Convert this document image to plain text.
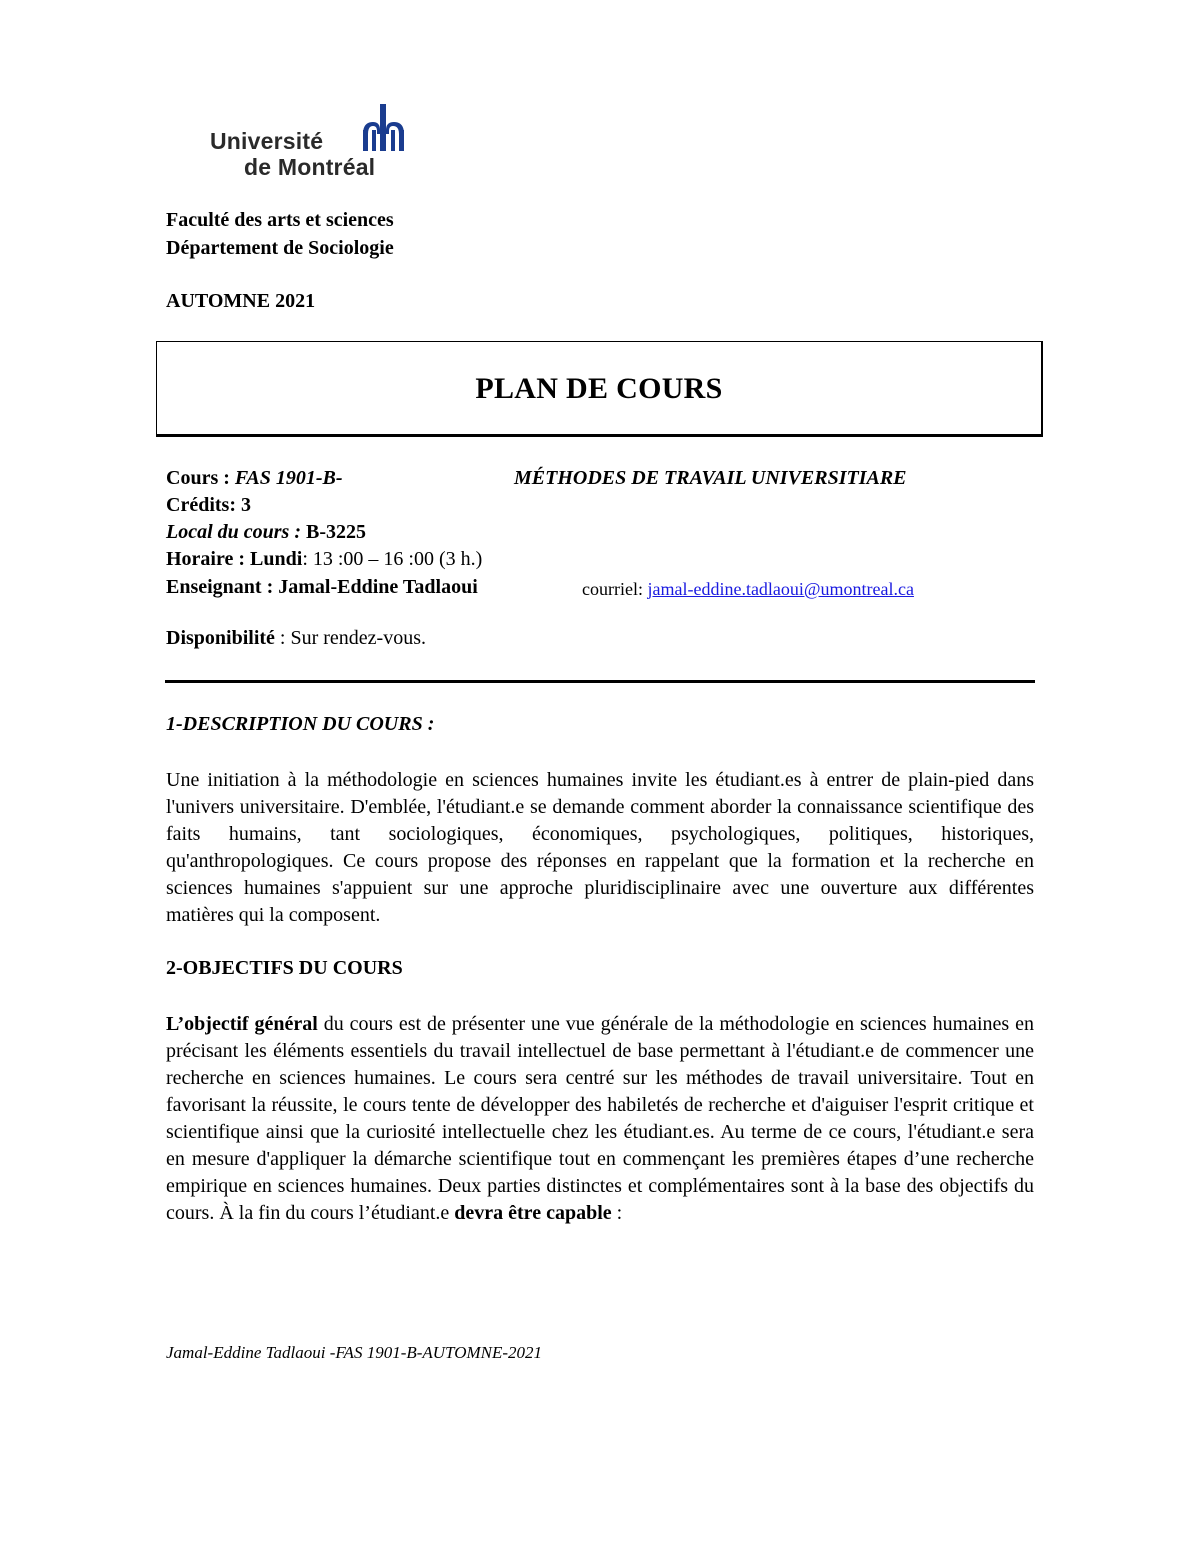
Université
de Montréal
Faculté des arts et sciences
Département de Sociologie
AUTOMNE 2021
PLAN DE COURS
Cours : FAS 1901-B-	MÉTHODES DE TRAVAIL UNIVERSITIARE
Crédits: 3
Local du cours : B-3225
Horaire : Lundi: 13 :00 – 16 :00 (3 h.)
Enseignant : Jamal-Eddine Tadlaoui	courriel: jamal-eddine.tadlaoui@umontreal.ca
Disponibilité : Sur rendez-vous.
1-DESCRIPTION DU COURS :
Une initiation à la méthodologie en sciences humaines invite les étudiant.es à entrer de plain-pied dans l'univers universitaire. D'emblée, l'étudiant.e se demande comment aborder la connaissance scientifique des faits humains, tant sociologiques, économiques, psychologiques, politiques, historiques, qu'anthropologiques. Ce cours propose des réponses en rappelant que la formation et la recherche en sciences humaines s'appuient sur une approche pluridisciplinaire avec une ouverture aux différentes matières qui la composent.
2-OBJECTIFS DU COURS
L’objectif général du cours est de présenter une vue générale de la méthodologie en sciences humaines en précisant les éléments essentiels du travail intellectuel de base permettant à l'étudiant.e de commencer une recherche en sciences humaines. Le cours sera centré sur les méthodes de travail universitaire. Tout en favorisant la réussite, le cours tente de développer des habiletés de recherche et d'aiguiser l'esprit critique et scientifique ainsi que la curiosité intellectuelle chez les étudiant.es. Au terme de ce cours, l'étudiant.e sera en mesure d'appliquer la démarche scientifique tout en commençant les premières étapes d’une recherche empirique en sciences humaines. Deux parties distinctes et complémentaires sont à la base des objectifs du cours. À la fin du cours l’étudiant.e devra être capable :
Jamal-Eddine Tadlaoui -FAS 1901-B-AUTOMNE-2021
